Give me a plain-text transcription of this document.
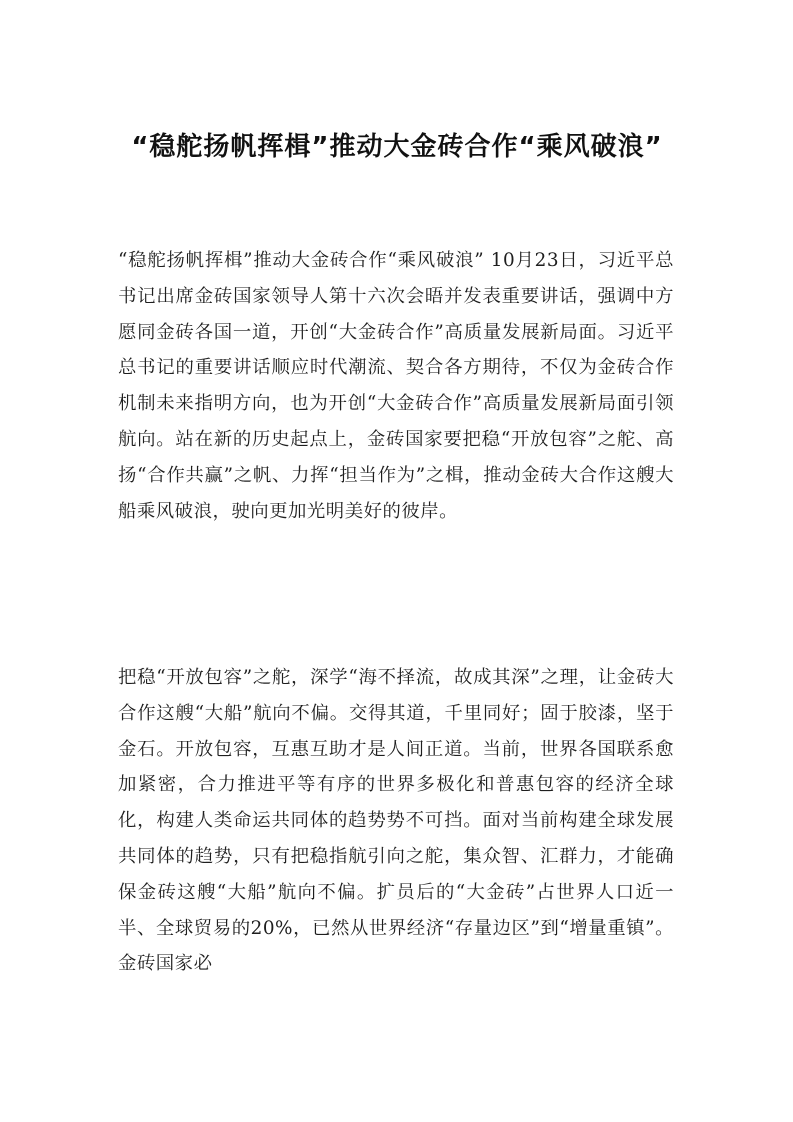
“稳舵扬帆挥楫”推动大金砖合作“乘风破浪”

“稳舵扬帆挥楫”推动大金砖合作“乘风破浪” 10月23日，习近平总书记出席金砖国家领导人第十六次会晤并发表重要讲话，强调中方愿同金砖各国一道，开创“大金砖合作”高质量发展新局面。习近平总书记的重要讲话顺应时代潮流、契合各方期待，不仅为金砖合作机制未来指明方向，也为开创“大金砖合作”高质量发展新局面引领航向。站在新的历史起点上，金砖国家要把稳“开放包容”之舵、高扬“合作共赢”之帆、力挥“担当作为”之楫，推动金砖大合作这艘大船乘风破浪，驶向更加光明美好的彼岸。

把稳“开放包容”之舵，深学“海不择流，故成其深”之理，让金砖大合作这艘“大船”航向不偏。交得其道，千里同好；固于胶漆，坚于金石。开放包容，互惠互助才是人间正道。当前，世界各国联系愈加紧密，合力推进平等有序的世界多极化和普惠包容的经济全球化，构建人类命运共同体的趋势势不可挡。面对当前构建全球发展共同体的趋势，只有把稳指航引向之舵，集众智、汇群力，才能确保金砖这艘“大船”航向不偏。扩员后的“大金砖”占世界人口近一半、全球贸易的20%，已然从世界经济“存量边区”到“增量重镇”。金砖国家必
